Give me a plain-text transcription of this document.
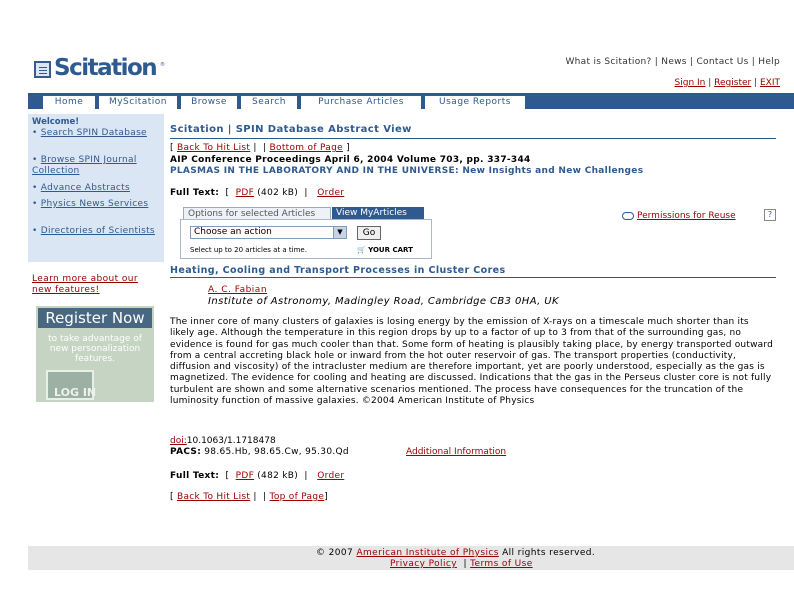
Scitation ®	What is Scitation? | News | Contact Us | Help
Sign In | Register | EXIT
Home	MyScitation	Browse	Search	Purchase Articles	Usage Reports
Welcome!
• Search SPIN Database
• Browse SPIN Journal Collection
• Advance Abstracts
• Physics News Services
• Directories of Scientists
Learn more about our new features!
Register Now
to take advantage of new personalization features.
LOG IN
Scitation | SPIN Database Abstract View
[ Back To Hit List |  | Bottom of Page ]
AIP Conference Proceedings April 6, 2004 Volume 703, pp. 337-344
PLASMAS IN THE LABORATORY AND IN THE UNIVERSE: New Insights and New Challenges
Full Text:  [  PDF (402 kB)  |   Order
Options for selected Articles	View MyArticles
Choose an action	▼	Go
Select up to 20 articles at a time.	🛒 YOUR CART
Permissions for Reuse	?
Heating, Cooling and Transport Processes in Cluster Cores
A. C. Fabian
Institute of Astronomy, Madingley Road, Cambridge CB3 0HA, UK
The inner core of many clusters of galaxies is losing energy by the emission of X-rays on a timescale much shorter than its likely age. Although the temperature in this region drops by up to a factor of up to 3 from that of the surrounding gas, no evidence is found for gas much cooler than that. Some form of heating is plausibly taking place, by energy transported outward from a central accreting black hole or inward from the hot outer reservoir of gas. The transport properties (conductivity, diffusion and viscosity) of the intracluster medium are therefore important, yet are poorly understood, especially as the gas is magnetized. The evidence for cooling and heating are discussed. Indications that the gas in the Perseus cluster core is not fully turbulent are shown and some alternative scenarios mentioned. The process have consequences for the truncation of the luminosity function of massive galaxies. ©2004 American Institute of Physics
doi:10.1063/1.1718478
PACS: 98.65.Hb, 98.65.Cw, 95.30.Qd	Additional Information
Full Text:  [  PDF (482 kB)  |   Order
[ Back To Hit List |  | Top of Page]
© 2007 American Institute of Physics All rights reserved.
Privacy Policy  | Terms of Use
